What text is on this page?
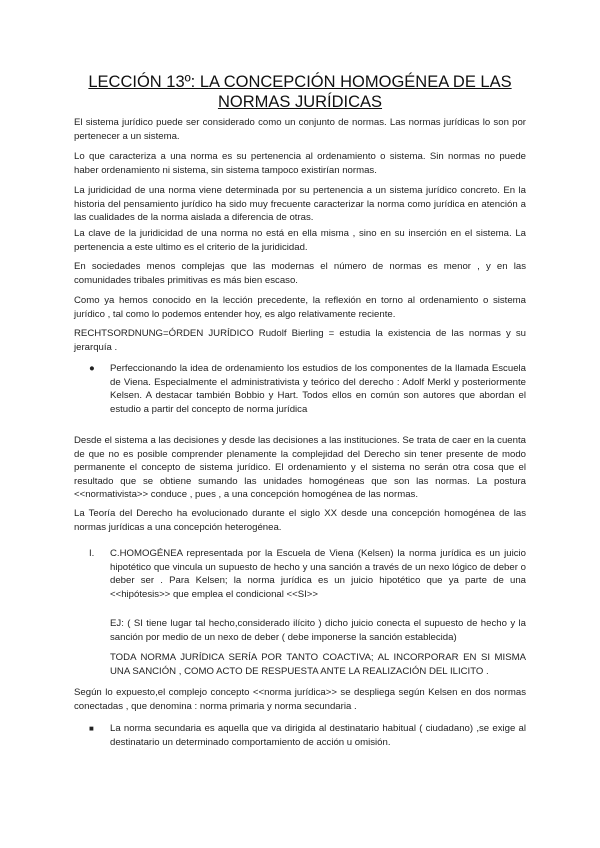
LECCIÓN 13º: LA CONCEPCIÓN HOMOGÉNEA DE LAS
NORMAS JURÍDICAS

El sistema jurídico puede ser considerado como un conjunto de normas. Las normas jurídicas lo son por pertenecer a un sistema.

Lo que caracteriza a una norma es su pertenencia al ordenamiento o sistema. Sin normas no puede haber ordenamiento ni sistema, sin sistema tampoco existirían normas.

La juridicidad de una norma viene determinada por su pertenencia a un sistema jurídico concreto. En la historia del pensamiento jurídico ha sido muy frecuente caracterizar la norma como jurídica en atención a las cualidades de la norma aislada a diferencia de otras.

La clave de la juridicidad de una norma no está en ella misma , sino en su inserción en el sistema. La pertenencia a este ultimo es el criterio de la juridicidad.

En sociedades menos complejas que las modernas el número de normas es menor , y en las comunidades tribales primitivas es más bien escaso.

Como ya hemos conocido en la lección precedente, la reflexión en torno al ordenamiento o sistema jurídico , tal como lo podemos entender hoy, es algo relativamente reciente.

RECHTSORDNUNG=ÓRDEN JURÍDICO Rudolf Bierling = estudia la existencia de las normas y su jerarquía .

●	Perfeccionando la idea de ordenamiento los estudios de los componentes de la llamada Escuela de Viena. Especialmente el administrativista y teórico del derecho : Adolf Merkl y posteriormente Kelsen. A destacar también Bobbio y Hart. Todos ellos en común son autores que abordan el estudio a partir del concepto de norma jurídica

Desde el sistema a las decisiones y desde las decisiones a las instituciones. Se trata de caer en la cuenta de que no es posible comprender plenamente la complejidad del Derecho sin tener presente de modo permanente el concepto de sistema jurídico. El ordenamiento y el sistema no serán otra cosa que el resultado que se obtiene sumando las unidades homogéneas que son las normas. La postura <<normativista>> conduce , pues , a una concepción homogénea de las normas.

La Teoría del Derecho ha evolucionado durante el siglo XX desde una concepción homogénea de las normas jurídicas a una concepción heterogénea.

I.	C.HOMOGÉNEA representada por la Escuela de Viena (Kelsen) la norma jurídica es un juicio hipotético que vincula un supuesto de hecho y una sanción a través de un nexo lógico de deber o deber ser . Para Kelsen; la norma jurídica es un juicio hipotético que ya parte de una <<hipótesis>> que emplea el condicional <<SI>>

EJ: ( SI tiene lugar tal hecho,considerado ilícito ) dicho juicio conecta el supuesto de hecho y la sanción por medio de un nexo de deber ( debe imponerse la sanción establecida)

TODA NORMA JURÍDICA SERÍA POR TANTO COACTIVA; AL INCORPORAR EN SI MISMA UNA SANCIÓN , COMO ACTO DE RESPUESTA ANTE LA REALIZACIÓN DEL ILICITO .

Según lo expuesto,el complejo concepto <<norma jurídica>> se despliega según Kelsen en dos normas conectadas , que denomina : norma primaria y norma secundaria .

■	La norma secundaria es aquella que va dirigida al destinatario habitual ( ciudadano) ,se exige al destinatario un determinado comportamiento de acción u omisión.
